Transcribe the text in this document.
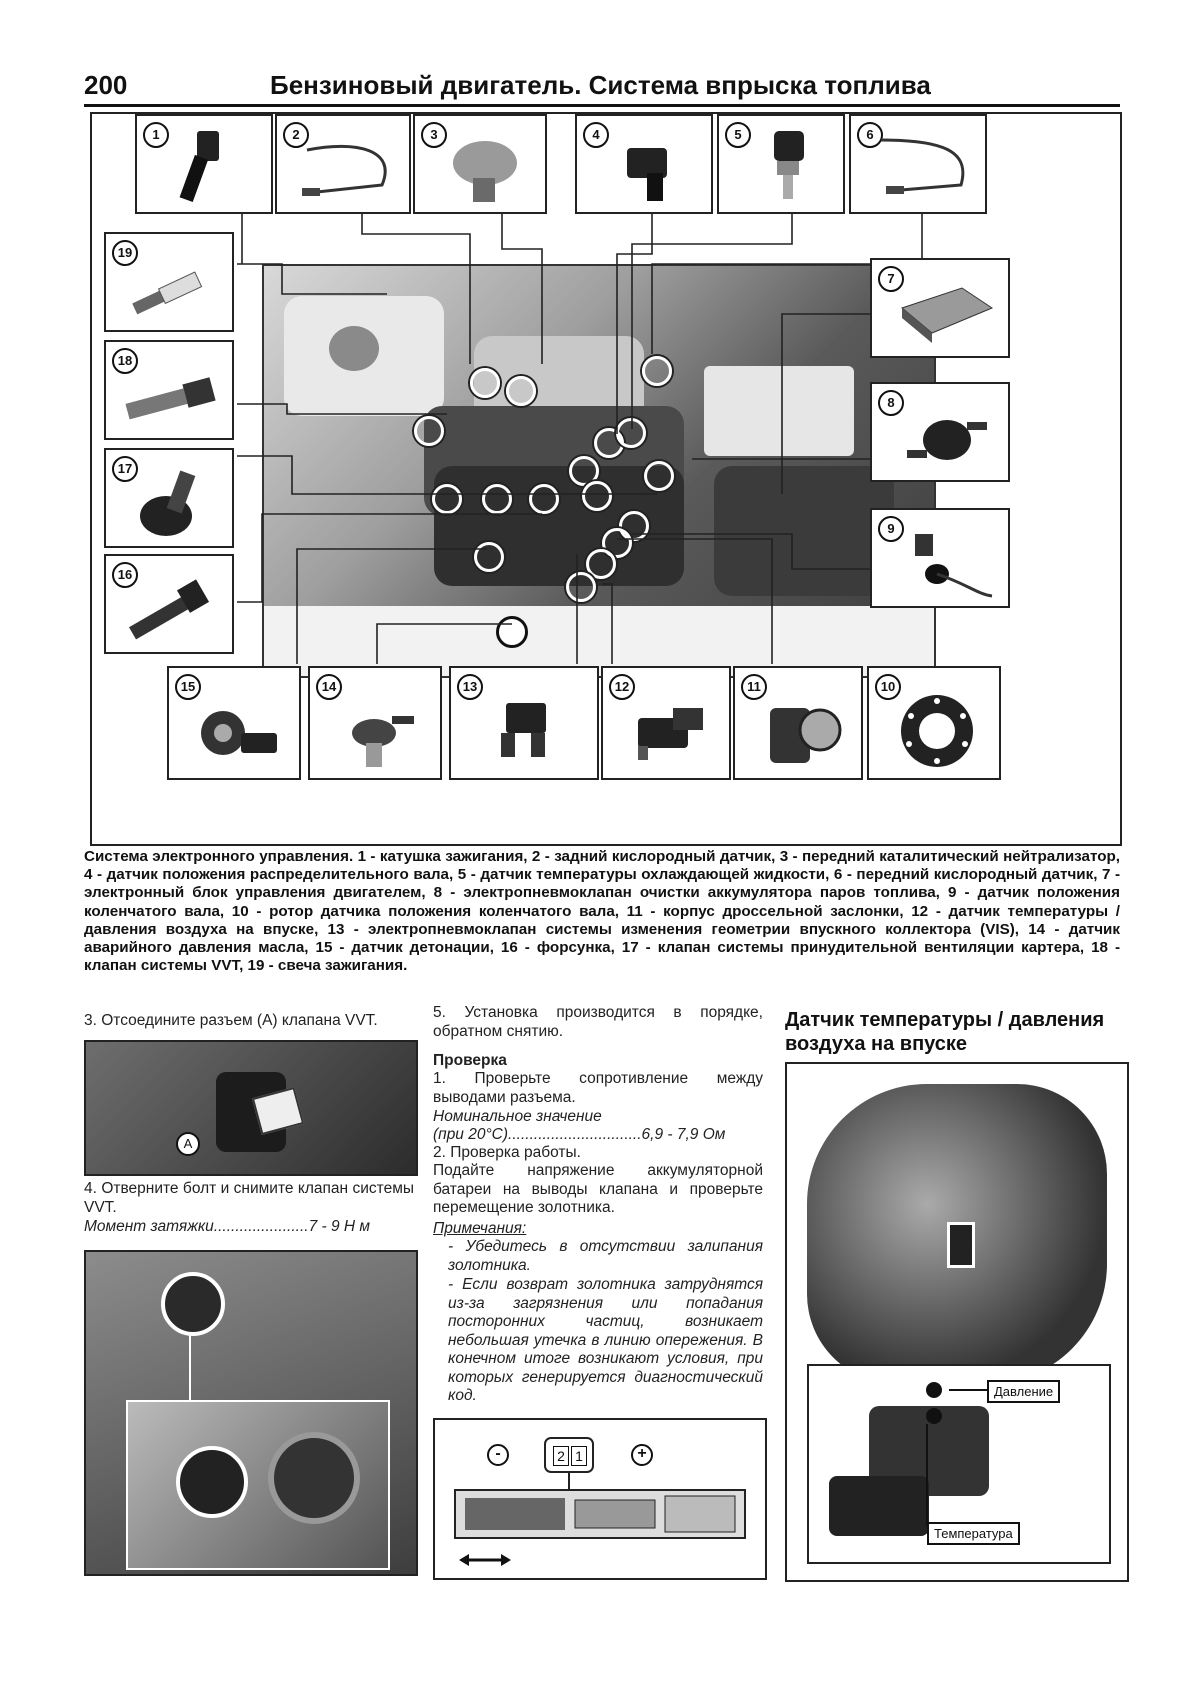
200	Бензиновый двигатель. Система впрыска топлива
1	2	3	4	5	6
19
18
17
16
7
8
9
15	14	13	12	11	10
Система электронного управления. 1 - катушка зажигания, 2 - задний кислородный датчик, 3 - передний каталитический нейтрализатор, 4 - датчик положения распределительного вала, 5 - датчик температуры охлаждающей жидкости, 6 - передний кислородный датчик, 7 - электронный блок управления двигателем, 8 - электропневмоклапан очистки аккумулятора паров топлива, 9 - датчик положения коленчатого вала, 10 - ротор датчика положения коленчатого вала, 11 - корпус дроссельной заслонки, 12 - датчик температуры / давления воздуха на впуске, 13 - электропневмоклапан системы изменения геометрии впускного коллектора (VIS), 14 - датчик аварийного давления масла, 15 - датчик детонации, 16 - форсунка, 17 - клапан системы принудительной вентиляции картера, 18 - клапан системы VVT, 19 - свеча зажигания.
3. Отсоедините разъем (А) клапана VVT.
A
4. Отверните болт и снимите клапан системы VVT.
Момент затяжки......................7 - 9 Н м
5. Установка производится в порядке, обратном снятию.
Проверка
1. Проверьте сопротивление между выводами разъема.
Номинальное значение
(при 20°С)...............................6,9 - 7,9 Ом
2. Проверка работы.
Подайте напряжение аккумуляторной батареи на выводы клапана и проверьте перемещение золотника.
Примечания:
- Убедитесь в отсутствии залипания золотника.
- Если возврат золотника затруднятся из-за загрязнения или попадания посторонних частиц, возникает небольшая утечка в линию опережения. В конечном итоге возникают условия, при которых генерируется диагностический код.
-	2 1	+
Датчик температуры / давления воздуха на впуске
Давление
Температура
